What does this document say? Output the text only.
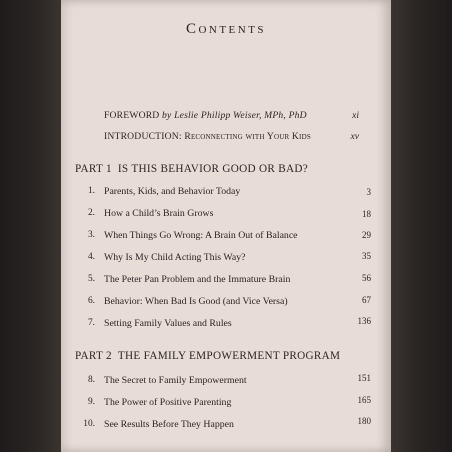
Contents
FOREWORD by Leslie Philipp Weiser, MPh, PhD	xi
INTRODUCTION: Reconnecting with Your Kids	xv
PART 1 IS THIS BEHAVIOR GOOD OR BAD?
1. Parents, Kids, and Behavior Today	3
2. How a Child’s Brain Grows	18
3. When Things Go Wrong: A Brain Out of Balance	29
4. Why Is My Child Acting This Way?	35
5. The Peter Pan Problem and the Immature Brain	56
6. Behavior: When Bad Is Good (and Vice Versa)	67
7. Setting Family Values and Rules	136
PART 2 THE FAMILY EMPOWERMENT PROGRAM
8. The Secret to Family Empowerment	151
9. The Power of Positive Parenting	165
10. See Results Before They Happen	180
